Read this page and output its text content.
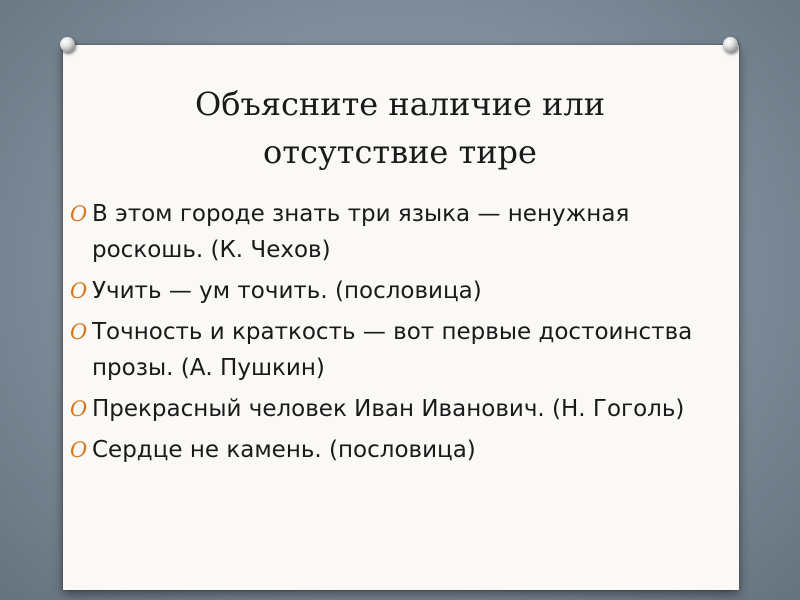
Объясните наличие или
отсутствие тире
O В этом городе знать три языка — ненужная роскошь. (К. Чехов)
O Учить — ум точить. (пословица)
O Точность и краткость — вот первые достоинства прозы. (А. Пушкин)
O Прекрасный человек Иван Иванович. (Н. Гоголь)
O Сердце не камень. (пословица)
